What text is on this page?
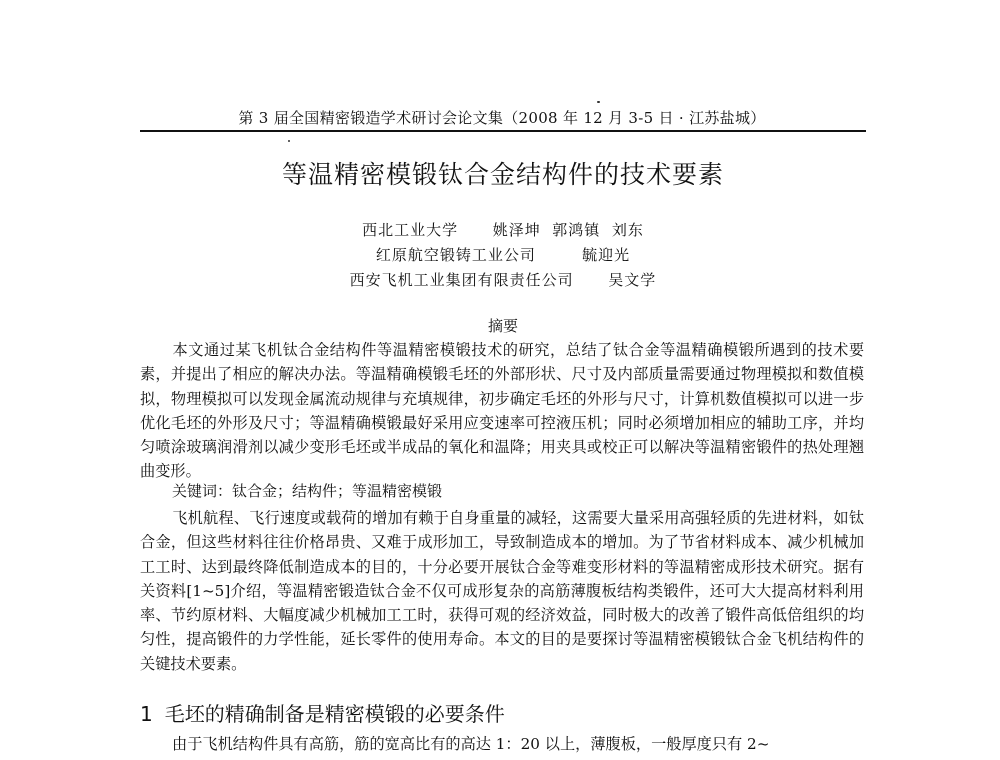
第 3 届全国精密锻造学术研讨会论文集（2008 年 12 月 3-5 日 · 江苏盐城）
等温精密模锻钛合金结构件的技术要素
西北工业大学 姚泽坤  郭鸿镇  刘东
红原航空锻铸工业公司	毓迎光
西安飞机工业集团有限责任公司 吴文学
摘要

本文通过某飞机钛合金结构件等温精密模锻技术的研究，总结了钛合金等温精确模锻所遇到的技术要素，并提出了相应的解决办法。等温精确模锻毛坯的外部形状、尺寸及内部质量需要通过物理模拟和数值模拟，物理模拟可以发现金属流动规律与充填规律，初步确定毛坯的外形与尺寸，计算机数值模拟可以进一步优化毛坯的外形及尺寸；等温精确模锻最好采用应变速率可控液压机；同时必须增加相应的辅助工序，并均匀喷涂玻璃润滑剂以减少变形毛坯或半成品的氧化和温降；用夹具或校正可以解决等温精密锻件的热处理翘曲变形。

关键词：钛合金；结构件；等温精密模锻

飞机航程、飞行速度或载荷的增加有赖于自身重量的减轻，这需要大量采用高强轻质的先进材料，如钛合金，但这些材料往往价格昂贵、又难于成形加工，导致制造成本的增加。为了节省材料成本、减少机械加工工时、达到最终降低制造成本的目的，十分必要开展钛合金等难变形材料的等温精密成形技术研究。据有关资料[1~5]介绍，等温精密锻造钛合金不仅可成形复杂的高筋薄腹板结构类锻件，还可大大提高材料利用率、节约原材料、大幅度减少机械加工工时，获得可观的经济效益，同时极大的改善了锻件高低倍组织的均匀性，提高锻件的力学性能，延长零件的使用寿命。本文的目的是要探讨等温精密模锻钛合金飞机结构件的关键技术要素。

1 毛坯的精确制备是精密模锻的必要条件

由于飞机结构件具有高筋，筋的宽高比有的高达 1：20 以上，薄腹板，一般厚度只有 2~
